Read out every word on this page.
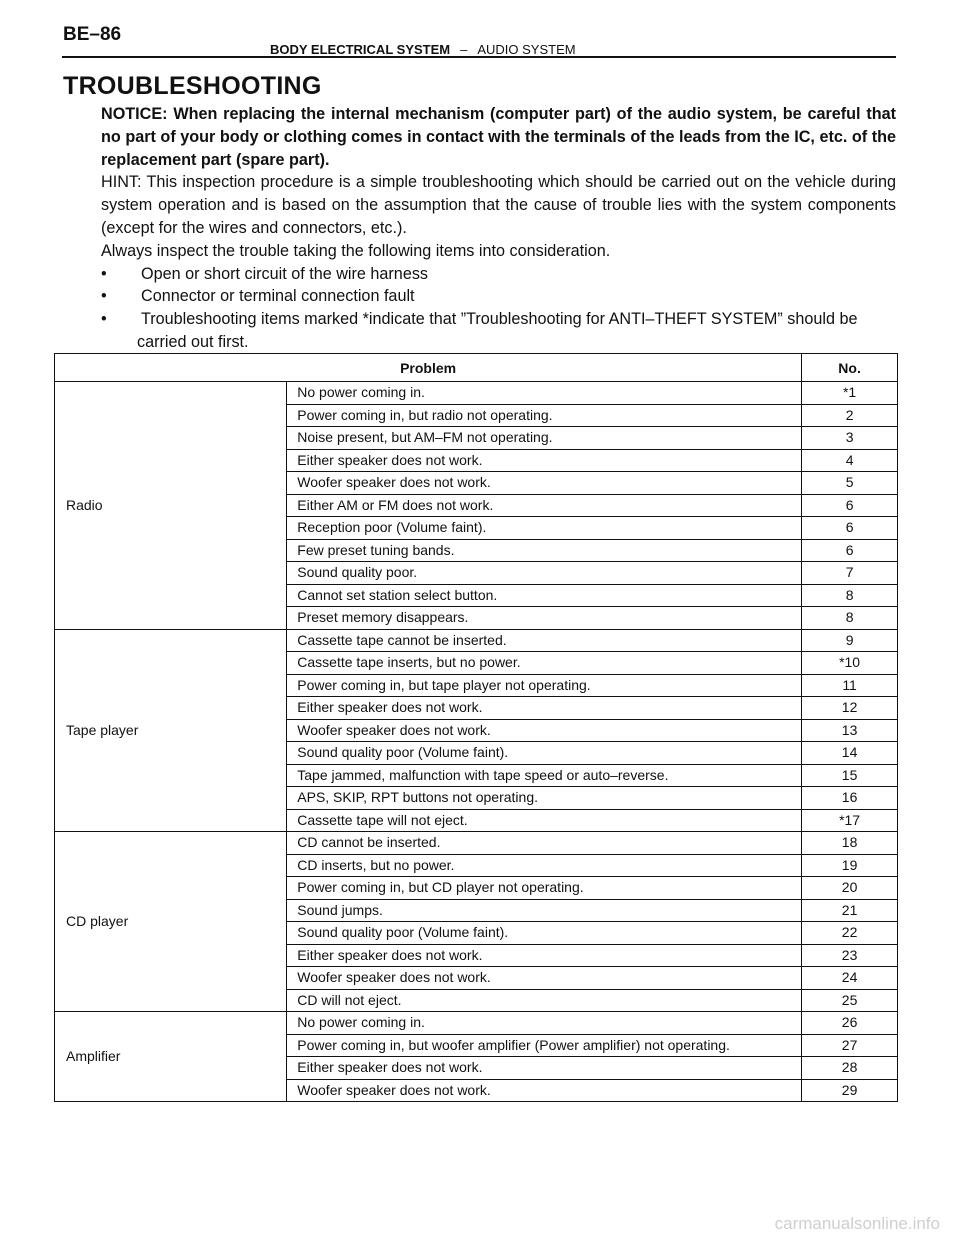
BE–86
BODY ELECTRICAL SYSTEM – AUDIO SYSTEM
TROUBLESHOOTING

NOTICE: When replacing the internal mechanism (computer part) of the audio system, be careful that no part of your body or clothing comes in contact with the terminals of the leads from the IC, etc. of the replacement part (spare part).

HINT: This inspection procedure is a simple troubleshooting which should be carried out on the vehicle during system operation and is based on the assumption that the cause of trouble lies with the system components (except for the wires and connectors, etc.).

Always inspect the trouble taking the following items into consideration.

•	Open or short circuit of the wire harness
•	Connector or terminal connection fault
•	Troubleshooting items marked *indicate that ”Troubleshooting for ANTI–THEFT SYSTEM” should be

carried out first.

Problem		No.
Radio	No power coming in.	*1
	Power coming in, but radio not operating.	2
	Noise present, but AM–FM not operating.	3
	Either speaker does not work.	4
	Woofer speaker does not work.	5
	Either AM or FM does not work.	6
	Reception poor (Volume faint).	6
	Few preset tuning bands.	6
	Sound quality poor.	7
	Cannot set station select button.	8
	Preset memory disappears.	8
Tape player	Cassette tape cannot be inserted.	9
	Cassette tape inserts, but no power.	*10
	Power coming in, but tape player not operating.	11
	Either speaker does not work.	12
	Woofer speaker does not work.	13
	Sound quality poor (Volume faint).	14
	Tape jammed, malfunction with tape speed or auto–reverse.	15
	APS, SKIP, RPT buttons not operating.	16
	Cassette tape will not eject.	*17
CD player	CD cannot be inserted.	18
	CD inserts, but no power.	19
	Power coming in, but CD player not operating.	20
	Sound jumps.	21
	Sound quality poor (Volume faint).	22
	Either speaker does not work.	23
	Woofer speaker does not work.	24
	CD will not eject.	25
Amplifier	No power coming in.	26
	Power coming in, but woofer amplifier (Power amplifier) not operating.	27
	Either speaker does not work.	28
	Woofer speaker does not work.	29
carmanualsonline.info
